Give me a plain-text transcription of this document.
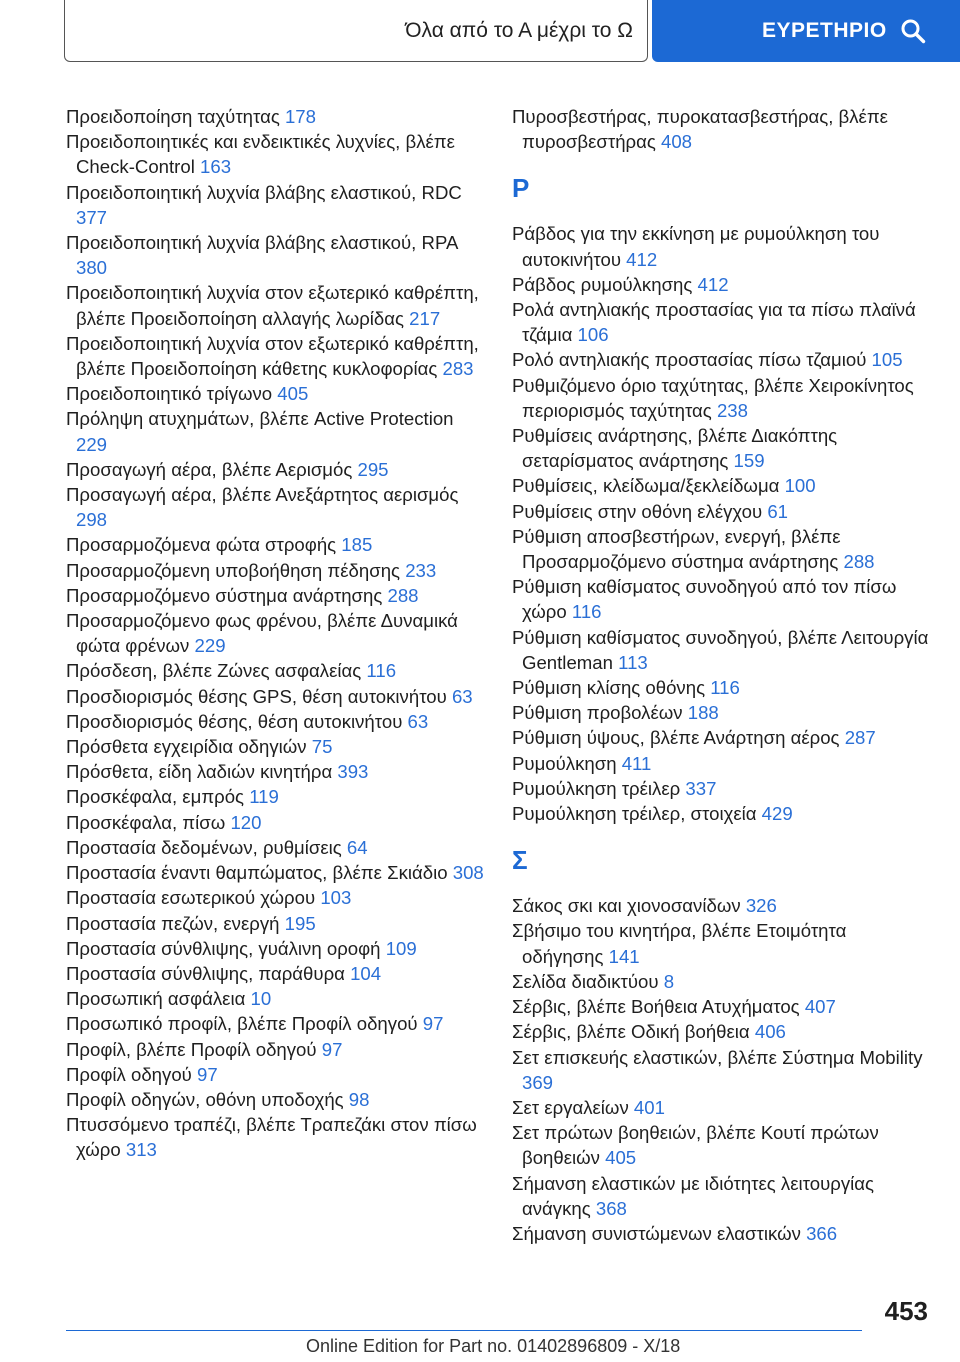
Όλα από το Α μέχρι το Ω	ΕΥΡΕΤΗΡΙΟ
Προειδοποίηση ταχύτητας 178
Προειδοποιητικές και ενδεικτικές λυχνίες, βλέπε Check-Control 163
Προειδοποιητική λυχνία βλάβης ελαστικού, RDC 377
Προειδοποιητική λυχνία βλάβης ελαστικού, RPA 380
Προειδοποιητική λυχνία στον εξωτερικό καθρέπτη, βλέπε Προειδοποίηση αλλαγής λωρίδας 217
Προειδοποιητική λυχνία στον εξωτερικό καθρέπτη, βλέπε Προειδοποίηση κάθετης κυκλοφορίας 283
Προειδοποιητικό τρίγωνο 405
Πρόληψη ατυχημάτων, βλέπε Active Protection 229
Προσαγωγή αέρα, βλέπε Αερισμός 295
Προσαγωγή αέρα, βλέπε Ανεξάρτητος αερισμός 298
Προσαρμοζόμενα φώτα στροφής 185
Προσαρμοζόμενη υποβοήθηση πέδησης 233
Προσαρμοζόμενο σύστημα ανάρτησης 288
Προσαρμοζόμενο φως φρένου, βλέπε Δυναμικά φώτα φρένων 229
Πρόσδεση, βλέπε Ζώνες ασφαλείας 116
Προσδιορισμός θέσης GPS, θέση αυτοκινήτου 63
Προσδιορισμός θέσης, θέση αυτοκινήτου 63
Πρόσθετα εγχειρίδια οδηγιών 75
Πρόσθετα, είδη λαδιών κινητήρα 393
Προσκέφαλα, εμπρός 119
Προσκέφαλα, πίσω 120
Προστασία δεδομένων, ρυθμίσεις 64
Προστασία έναντι θαμπώματος, βλέπε Σκιάδιο 308
Προστασία εσωτερικού χώρου 103
Προστασία πεζών, ενεργή 195
Προστασία σύνθλιψης, γυάλινη οροφή 109
Προστασία σύνθλιψης, παράθυρα 104
Προσωπική ασφάλεια 10
Προσωπικό προφίλ, βλέπε Προφίλ οδηγού 97
Προφίλ, βλέπε Προφίλ οδηγού 97
Προφίλ οδηγού 97
Προφίλ οδηγών, οθόνη υποδοχής 98
Πτυσσόμενο τραπέζι, βλέπε Τραπεζάκι στον πίσω χώρο 313
Πυροσβεστήρας, πυροκατασβεστήρας, βλέπε πυροσβεστήρας 408
Ρ
Ράβδος για την εκκίνηση με ρυμούλκηση του αυτοκινήτου 412
Ράβδος ρυμούλκησης 412
Ρολά αντηλιακής προστασίας για τα πίσω πλαϊνά τζάμια 106
Ρολό αντηλιακής προστασίας πίσω τζαμιού 105
Ρυθμιζόμενο όριο ταχύτητας, βλέπε Χειροκίνητος περιορισμός ταχύτητας 238
Ρυθμίσεις ανάρτησης, βλέπε Διακόπτης σεταρίσματος ανάρτησης 159
Ρυθμίσεις, κλείδωμα/ξεκλείδωμα 100
Ρυθμίσεις στην οθόνη ελέγχου 61
Ρύθμιση αποσβεστήρων, ενεργή, βλέπε Προσαρμοζόμενο σύστημα ανάρτησης 288
Ρύθμιση καθίσματος συνοδηγού από τον πίσω χώρο 116
Ρύθμιση καθίσματος συνοδηγού, βλέπε Λειτουργία Gentleman 113
Ρύθμιση κλίσης οθόνης 116
Ρύθμιση προβολέων 188
Ρύθμιση ύψους, βλέπε Ανάρτηση αέρος 287
Ρυμούλκηση 411
Ρυμούλκηση τρέιλερ 337
Ρυμούλκηση τρέιλερ, στοιχεία 429
Σ
Σάκος σκι και χιονοσανίδων 326
Σβήσιμο του κινητήρα, βλέπε Ετοιμότητα οδήγησης 141
Σελίδα διαδικτύου 8
Σέρβις, βλέπε Βοήθεια Ατυχήματος 407
Σέρβις, βλέπε Οδική βοήθεια 406
Σετ επισκευής ελαστικών, βλέπε Σύστημα Mobility 369
Σετ εργαλείων 401
Σετ πρώτων βοηθειών, βλέπε Κουτί πρώτων βοηθειών 405
Σήμανση ελαστικών με ιδιότητες λειτουργίας ανάγκης 368
Σήμανση συνιστώμενων ελαστικών 366
453
Online Edition for Part no. 01402896809 - X/18
